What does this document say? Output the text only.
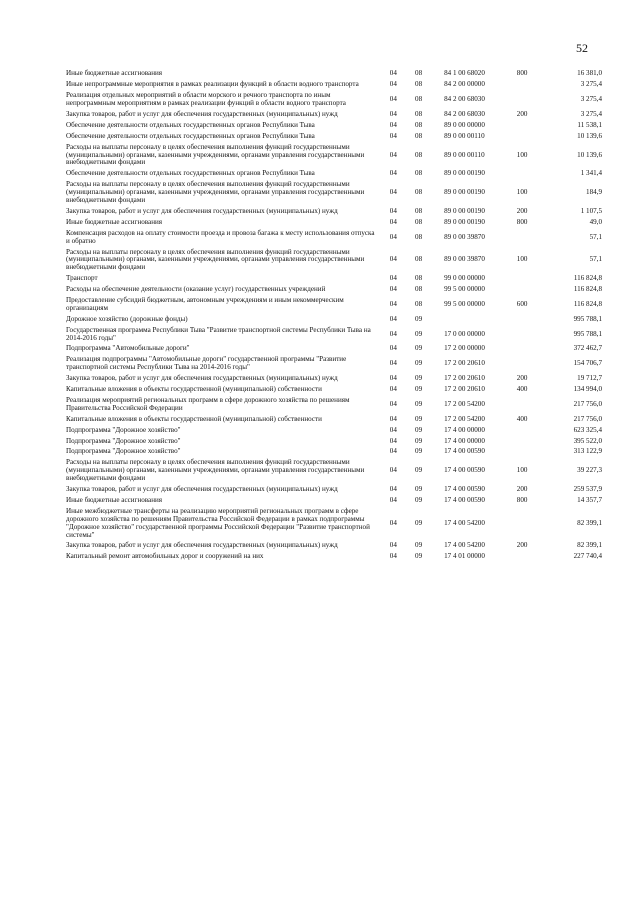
52
Иные бюджетные ассигнования	04	08	84 1 00 68020	800	16 381,0
Иные непрограммные мероприятия в рамках реализации функций в области водного транспорта	04	08	84 2 00 00000		3 275,4
Реализация отдельных мероприятий в области морского и речного транспорта по иным непрограммным мероприятиям в рамках реализации функций в области водного транспорта	04	08	84 2 00 68030		3 275,4
Закупка товаров, работ и услуг для обеспечения государственных (муниципальных) нужд	04	08	84 2 00 68030	200	3 275,4
Обеспечение деятельности отдельных государственных органов Республики Тыва	04	08	89 0 00 00000		11 538,1
Обеспечение деятельности отдельных государственных органов Республики Тыва	04	08	89 0 00 00110		10 139,6
Расходы на выплаты персоналу в целях обеспечения выполнения функций государственными (муниципальными) органами, казенными учреждениями, органами управления государственными внебюджетными фондами	04	08	89 0 00 00110	100	10 139,6
Обеспечение деятельности отдельных государственных органов Республики Тыва	04	08	89 0 00 00190		1 341,4
Расходы на выплаты персоналу в целях обеспечения выполнения функций государственными (муниципальными) органами, казенными учреждениями, органами управления государственными внебюджетными фондами	04	08	89 0 00 00190	100	184,9
Закупка товаров, работ и услуг для обеспечения государственных (муниципальных) нужд	04	08	89 0 00 00190	200	1 107,5
Иные бюджетные ассигнования	04	08	89 0 00 00190	800	49,0
Компенсация расходов на оплату стоимости проезда и провоза багажа к месту использования отпуска и обратно	04	08	89 0 00 39870		57,1
Расходы на выплаты персоналу в целях обеспечения выполнения функций государственными (муниципальными) органами, казенными учреждениями, органами управления государственными внебюджетными фондами	04	08	89 0 00 39870	100	57,1
Транспорт	04	08	99 0 00 00000		116 824,8
Расходы на обеспечение деятельности (оказание услуг) государственных учреждений	04	08	99 5 00 00000		116 824,8
Предоставление субсидий бюджетным, автономным учреждениям и иным некоммерческим организациям	04	08	99 5 00 00000	600	116 824,8
Дорожное хозяйство (дорожные фонды)	04	09			995 788,1
Государственная программа Республики Тыва "Развитие транспортной системы Республики Тыва на 2014-2016 годы"	04	09	17 0 00 00000		995 788,1
Подпрограмма "Автомобильные дороги"	04	09	17 2 00 00000		372 462,7
Реализация подпрограммы "Автомобильные дороги" государственной программы "Развитие транспортной системы Республики Тыва на 2014-2016 годы"	04	09	17 2 00 20610		154 706,7
Закупка товаров, работ и услуг для обеспечения государственных (муниципальных) нужд	04	09	17 2 00 20610	200	19 712,7
Капитальные вложения в объекты государственной (муниципальной) собственности	04	09	17 2 00 20610	400	134 994,0
Реализация мероприятий региональных программ в сфере дорожного хозяйства по решениям Правительства Российской Федерации	04	09	17 2 00 54200		217 756,0
Капитальные вложения в объекты государственной (муниципальной) собственности	04	09	17 2 00 54200	400	217 756,0
Подпрограмма "Дорожное хозяйство"	04	09	17 4 00 00000		623 325,4
Подпрограмма "Дорожное хозяйство"	04	09	17 4 00 00000		395 522,0
Подпрограмма "Дорожное хозяйство"	04	09	17 4 00 00590		313 122,9
Расходы на выплаты персоналу в целях обеспечения выполнения функций государственными (муниципальными) органами, казенными учреждениями, органами управления государственными внебюджетными фондами	04	09	17 4 00 00590	100	39 227,3
Закупка товаров, работ и услуг для обеспечения государственных (муниципальных) нужд	04	09	17 4 00 00590	200	259 537,9
Иные бюджетные ассигнования	04	09	17 4 00 00590	800	14 357,7
Иные межбюджетные трансферты на реализацию мероприятий региональных программ в сфере дорожного хозяйства по решениям Правительства Российской Федерации в рамках подпрограммы "Дорожное хозяйство" государственной программы Российской Федерации "Развитие транспортной системы"	04	09	17 4 00 54200		82 399,1
Закупка товаров, работ и услуг для обеспечения государственных (муниципальных) нужд	04	09	17 4 00 54200	200	82 399,1
Капитальный ремонт автомобильных дорог и сооружений на них	04	09	17 4 01 00000		227 740,4
